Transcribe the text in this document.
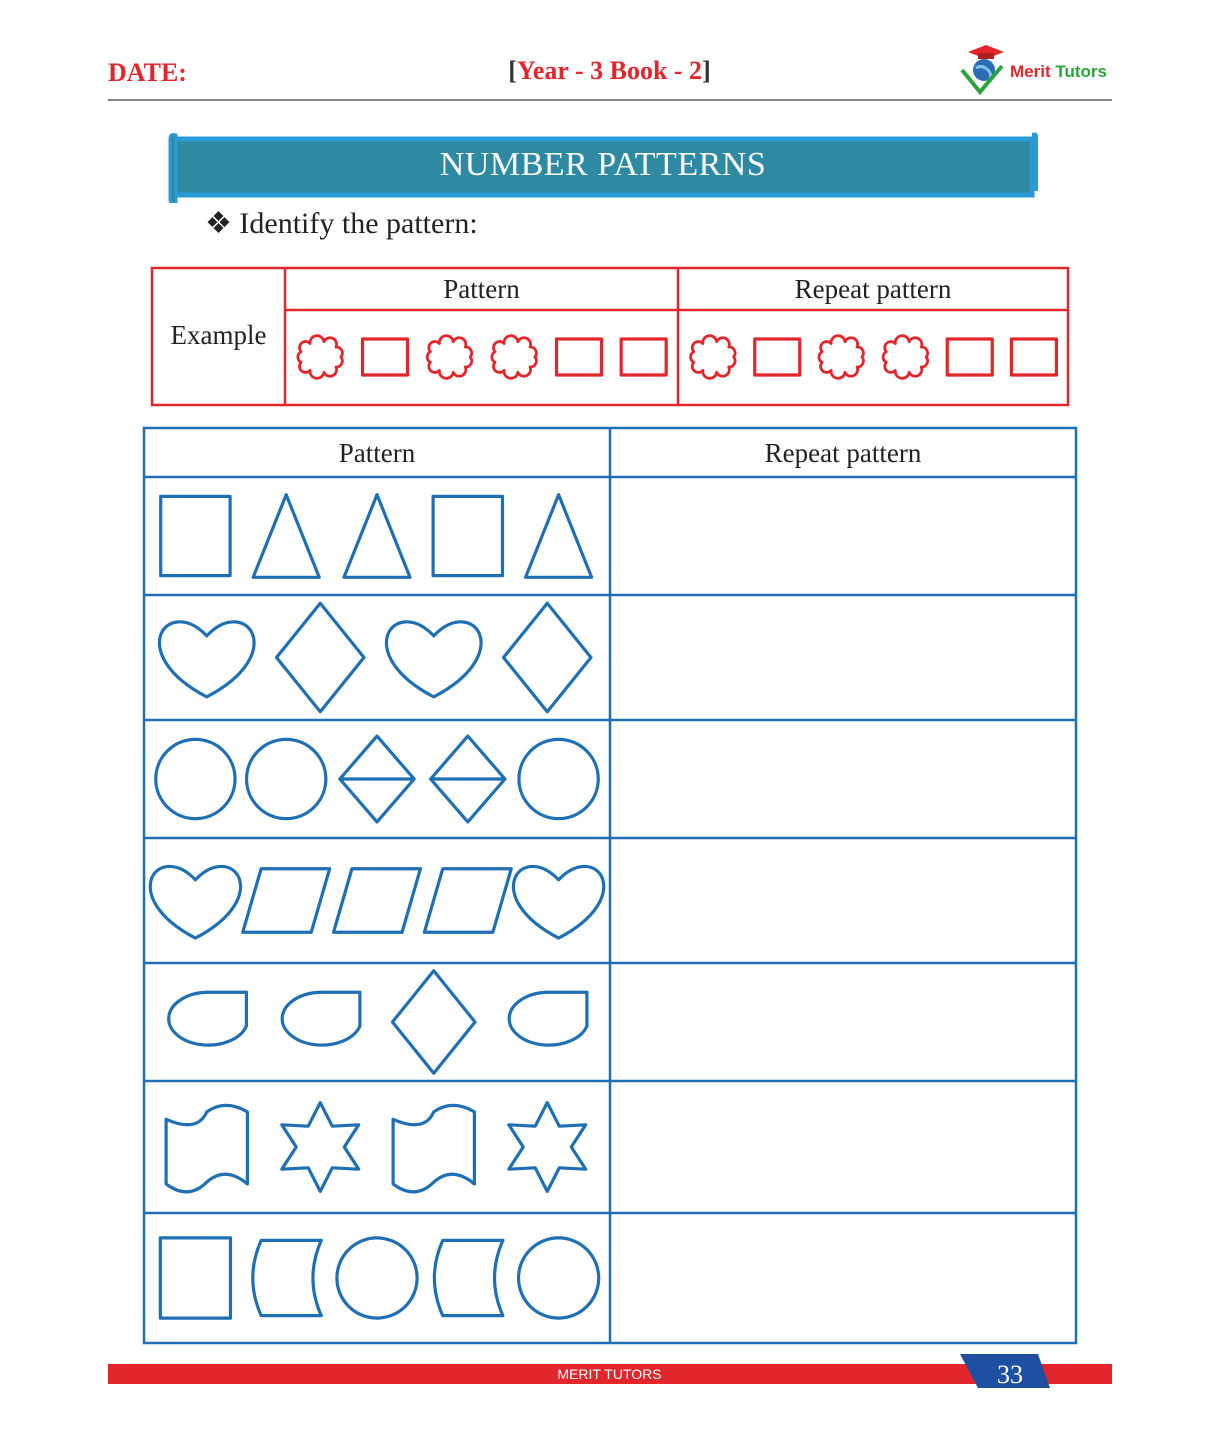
DATE:	[Year - 3 Book - 2]	Merit Tutors
NUMBER PATTERNS
❖ Identify the pattern:
Example
Pattern	Repeat pattern
Pattern	Repeat pattern
MERIT TUTORS	33
